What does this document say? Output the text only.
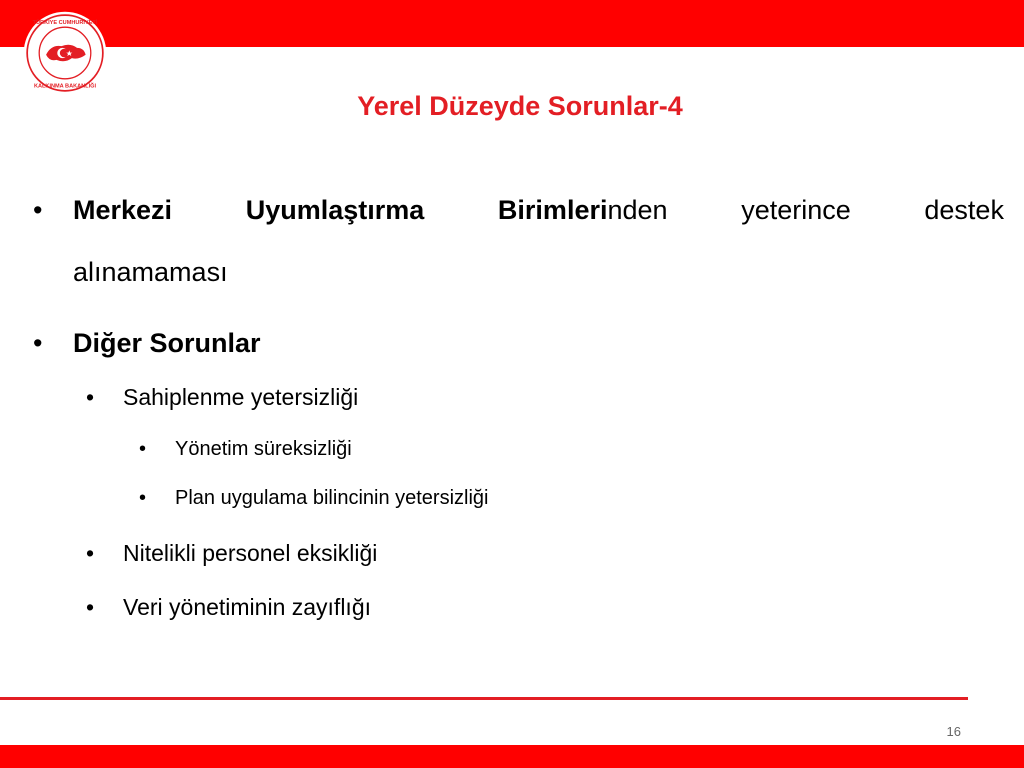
TÜRKİYE CUMHURİYETİ
KALKINMA BAKANLIĞI
Yerel Düzeyde Sorunlar-4
• Merkezi	Uyumlaştırma	Birimlerinden	yeterince	destek
alınamaması
• Diğer Sorunlar
• Sahiplenme yetersizliği
• Yönetim süreksizliği
• Plan uygulama bilincinin yetersizliği
• Nitelikli personel eksikliği
• Veri yönetiminin zayıflığı
16
